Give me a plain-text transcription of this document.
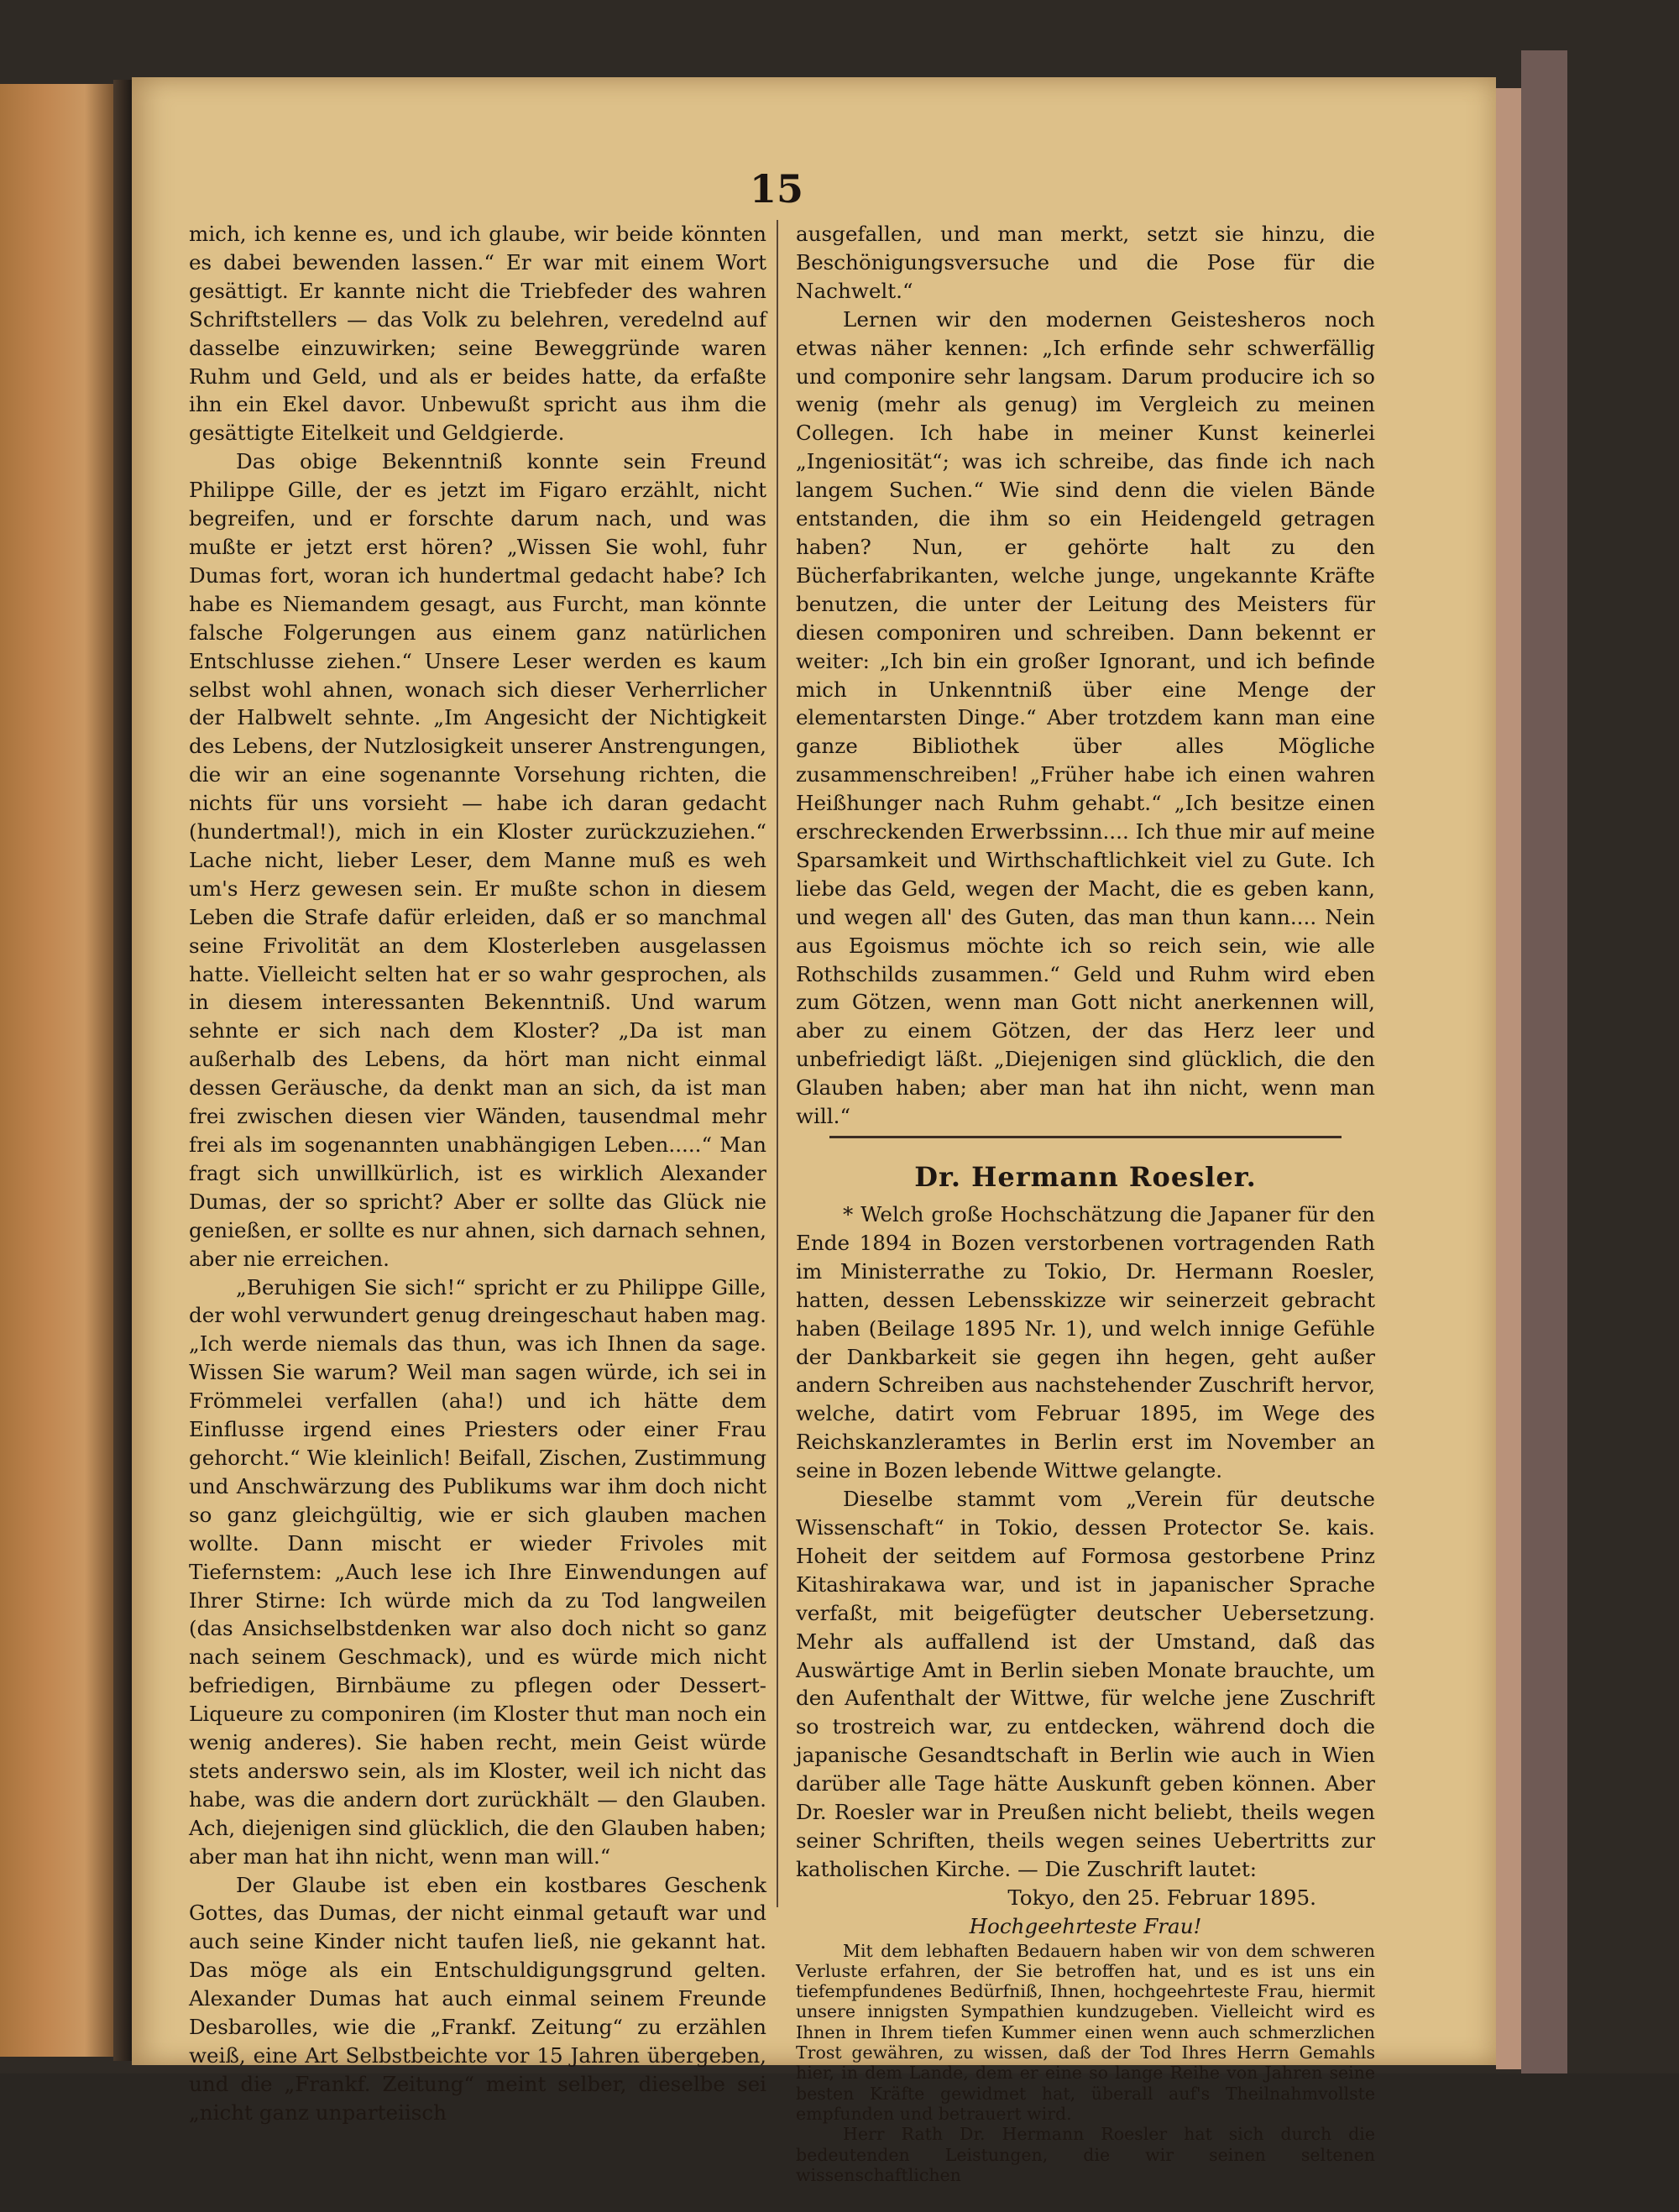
15

mich, ich kenne es, und ich glaube, wir beide könnten es dabei bewenden lassen.“ Er war mit einem Wort gesättigt. Er kannte nicht die Triebfeder des wahren Schriftstellers — das Volk zu belehren, veredelnd auf dasselbe einzuwirken; seine Beweggründe waren Ruhm und Geld, und als er beides hatte, da erfaßte ihn ein Ekel davor. Unbewußt spricht aus ihm die gesättigte Eitelkeit und Geldgierde.

Das obige Bekenntniß konnte sein Freund Philippe Gille, der es jetzt im Figaro erzählt, nicht begreifen, und er forschte darum nach, und was mußte er jetzt erst hören? „Wissen Sie wohl, fuhr Dumas fort, woran ich hundertmal gedacht habe? Ich habe es Niemandem gesagt, aus Furcht, man könnte falsche Folgerungen aus einem ganz natürlichen Entschlusse ziehen.“ Unsere Leser werden es kaum selbst wohl ahnen, wonach sich dieser Verherrlicher der Halbwelt sehnte. „Im Angesicht der Nichtigkeit des Lebens, der Nutzlosigkeit unserer Anstrengungen, die wir an eine sogenannte Vorsehung richten, die nichts für uns vorsieht — habe ich daran gedacht (hundertmal!), mich in ein Kloster zurückzuziehen.“ Lache nicht, lieber Leser, dem Manne muß es weh um's Herz gewesen sein. Er mußte schon in diesem Leben die Strafe dafür erleiden, daß er so manchmal seine Frivolität an dem Klosterleben ausgelassen hatte. Vielleicht selten hat er so wahr gesprochen, als in diesem interessanten Bekenntniß. Und warum sehnte er sich nach dem Kloster? „Da ist man außerhalb des Lebens, da hört man nicht einmal dessen Geräusche, da denkt man an sich, da ist man frei zwischen diesen vier Wänden, tausendmal mehr frei als im sogenannten unabhängigen Leben.....“ Man fragt sich unwillkürlich, ist es wirklich Alexander Dumas, der so spricht? Aber er sollte das Glück nie genießen, er sollte es nur ahnen, sich darnach sehnen, aber nie erreichen.

„Beruhigen Sie sich!“ spricht er zu Philippe Gille, der wohl verwundert genug dreingeschaut haben mag. „Ich werde niemals das thun, was ich Ihnen da sage. Wissen Sie warum? Weil man sagen würde, ich sei in Frömmelei verfallen (aha!) und ich hätte dem Einflusse irgend eines Priesters oder einer Frau gehorcht.“ Wie kleinlich! Beifall, Zischen, Zustimmung und Anschwärzung des Publikums war ihm doch nicht so ganz gleichgültig, wie er sich glauben machen wollte. Dann mischt er wieder Frivoles mit Tiefernstem: „Auch lese ich Ihre Einwendungen auf Ihrer Stirne: Ich würde mich da zu Tod langweilen (das Ansichselbstdenken war also doch nicht so ganz nach seinem Geschmack), und es würde mich nicht befriedigen, Birnbäume zu pflegen oder Dessert-Liqueure zu componiren (im Kloster thut man noch ein wenig anderes). Sie haben recht, mein Geist würde stets anderswo sein, als im Kloster, weil ich nicht das habe, was die andern dort zurückhält — den Glauben. Ach, diejenigen sind glücklich, die den Glauben haben; aber man hat ihn nicht, wenn man will.“

Der Glaube ist eben ein kostbares Geschenk Gottes, das Dumas, der nicht einmal getauft war und auch seine Kinder nicht taufen ließ, nie gekannt hat. Das möge als ein Entschuldigungsgrund gelten. Alexander Dumas hat auch einmal seinem Freunde Desbarolles, wie die „Frankf. Zeitung“ zu erzählen weiß, eine Art Selbstbeichte vor 15 Jahren übergeben, und die „Frankf. Zeitung“ meint selber, dieselbe sei „nicht ganz unparteiisch

ausgefallen, und man merkt, setzt sie hinzu, die Beschönigungsversuche und die Pose für die Nachwelt.“

Lernen wir den modernen Geistesheros noch etwas näher kennen: „Ich erfinde sehr schwerfällig und componire sehr langsam. Darum producire ich so wenig (mehr als genug) im Vergleich zu meinen Collegen. Ich habe in meiner Kunst keinerlei „Ingeniosität“; was ich schreibe, das finde ich nach langem Suchen.“ Wie sind denn die vielen Bände entstanden, die ihm so ein Heidengeld getragen haben? Nun, er gehörte halt zu den Bücherfabrikanten, welche junge, ungekannte Kräfte benutzen, die unter der Leitung des Meisters für diesen componiren und schreiben. Dann bekennt er weiter: „Ich bin ein großer Ignorant, und ich befinde mich in Unkenntniß über eine Menge der elementarsten Dinge.“ Aber trotzdem kann man eine ganze Bibliothek über alles Mögliche zusammenschreiben! „Früher habe ich einen wahren Heißhunger nach Ruhm gehabt.“ „Ich besitze einen erschreckenden Erwerbssinn.... Ich thue mir auf meine Sparsamkeit und Wirthschaftlichkeit viel zu Gute. Ich liebe das Geld, wegen der Macht, die es geben kann, und wegen all' des Guten, das man thun kann.... Nein aus Egoismus möchte ich so reich sein, wie alle Rothschilds zusammen.“ Geld und Ruhm wird eben zum Götzen, wenn man Gott nicht anerkennen will, aber zu einem Götzen, der das Herz leer und unbefriedigt läßt. „Diejenigen sind glücklich, die den Glauben haben; aber man hat ihn nicht, wenn man will.“

Dr. Hermann Roesler.

* Welch große Hochschätzung die Japaner für den Ende 1894 in Bozen verstorbenen vortragenden Rath im Ministerrathe zu Tokio, Dr. Hermann Roesler, hatten, dessen Lebensskizze wir seinerzeit gebracht haben (Beilage 1895 Nr. 1), und welch innige Gefühle der Dankbarkeit sie gegen ihn hegen, geht außer andern Schreiben aus nachstehender Zuschrift hervor, welche, datirt vom Februar 1895, im Wege des Reichskanzleramtes in Berlin erst im November an seine in Bozen lebende Wittwe gelangte.

Dieselbe stammt vom „Verein für deutsche Wissenschaft“ in Tokio, dessen Protector Se. kais. Hoheit der seitdem auf Formosa gestorbene Prinz Kitashirakawa war, und ist in japanischer Sprache verfaßt, mit beigefügter deutscher Uebersetzung. Mehr als auffallend ist der Umstand, daß das Auswärtige Amt in Berlin sieben Monate brauchte, um den Aufenthalt der Wittwe, für welche jene Zuschrift so trostreich war, zu entdecken, während doch die japanische Gesandtschaft in Berlin wie auch in Wien darüber alle Tage hätte Auskunft geben können. Aber Dr. Roesler war in Preußen nicht beliebt, theils wegen seiner Schriften, theils wegen seines Uebertritts zur katholischen Kirche. — Die Zuschrift lautet:

Tokyo, den 25. Februar 1895.
Hochgeehrteste Frau!

Mit dem lebhaften Bedauern haben wir von dem schweren Verluste erfahren, der Sie betroffen hat, und es ist uns ein tiefempfundenes Bedürfniß, Ihnen, hochgeehrteste Frau, hiermit unsere innigsten Sympathien kundzugeben. Vielleicht wird es Ihnen in Ihrem tiefen Kummer einen wenn auch schmerzlichen Trost gewähren, zu wissen, daß der Tod Ihres Herrn Gemahls hier, in dem Lande, dem er eine so lange Reihe von Jahren seine besten Kräfte gewidmet hat, überall auf's Theilnahmvollste empfunden und betrauert wird.

Herr Rath Dr. Hermann Roesler hat sich durch die bedeutenden Leistungen, die wir seinen seltenen wissenschaftlichen
